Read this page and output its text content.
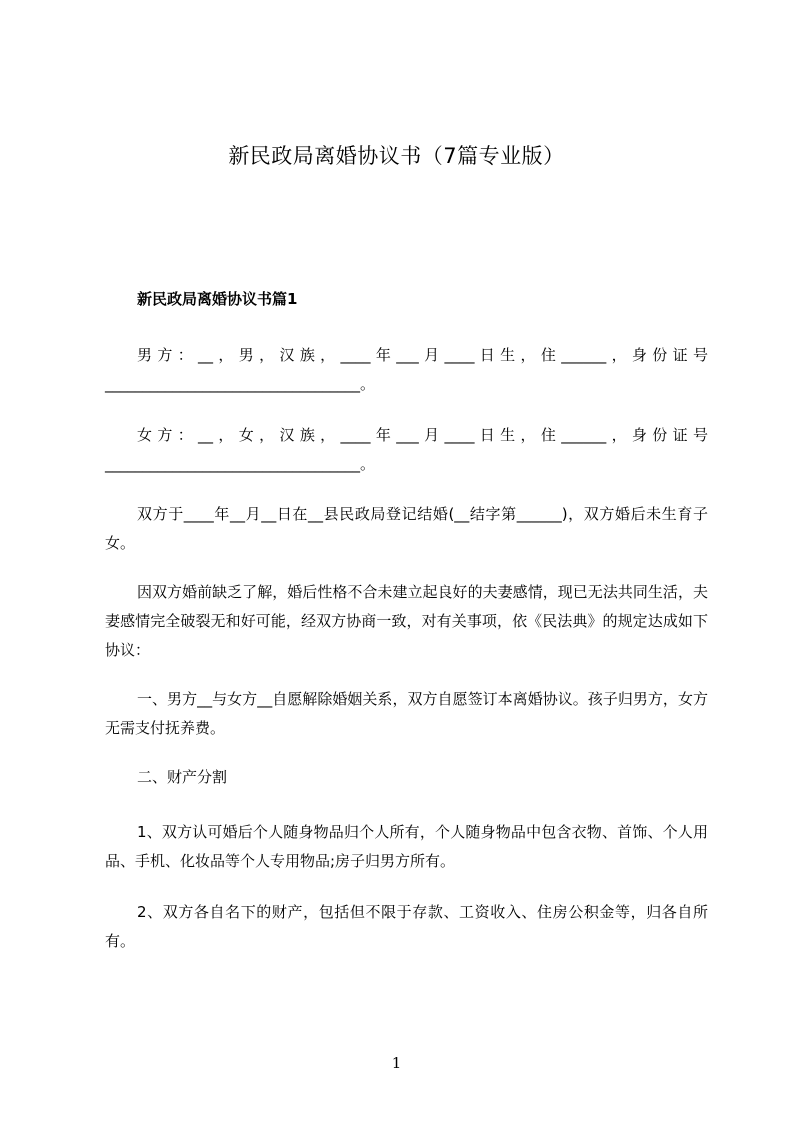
新民政局离婚协议书（7篇专业版）
新民政局离婚协议书篇1
男方：__，男，汉族，____年___月____日生，住______，身份证号__________________________________。
女方：__，女，汉族，____年___月____日生，住______，身份证号__________________________________。
双方于____年__月__日在__县民政局登记结婚(__结字第______)，双方婚后未生育子女。
因双方婚前缺乏了解，婚后性格不合未建立起良好的夫妻感情，现已无法共同生活，夫妻感情完全破裂无和好可能，经双方协商一致，对有关事项，依《民法典》的规定达成如下协议：
一、男方__与女方__自愿解除婚姻关系，双方自愿签订本离婚协议。孩子归男方，女方无需支付抚养费。
二、财产分割
1、双方认可婚后个人随身物品归个人所有，个人随身物品中包含衣物、首饰、个人用品、手机、化妆品等个人专用物品;房子归男方所有。
2、双方各自名下的财产，包括但不限于存款、工资收入、住房公积金等，归各自所有。
1
